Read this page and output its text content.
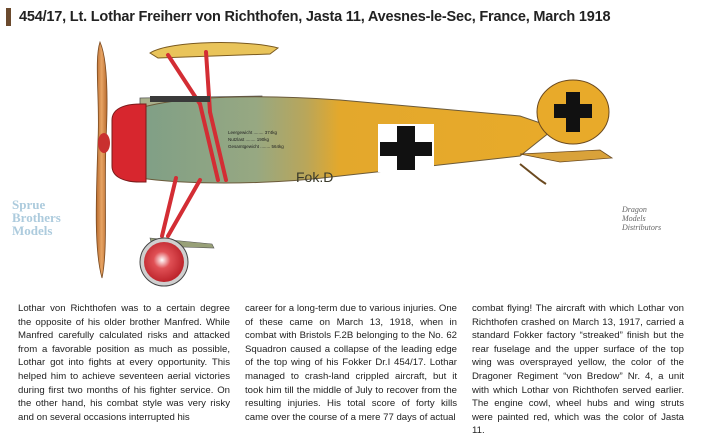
454/17, Lt. Lothar Freiherr von Richthofen, Jasta 11, Avesnes-le-Sec, France, March 1918
Leergewicht ........ 374kg
Nutzlast ........ 190kg
Gesamtgewicht ........ 564kg
Fok.D
Sprue
Brothers
Models
Dragon
Models
Distributors
Lothar von Richthofen was to a certain degree the opposite of his older brother Manfred. While Manfred carefully calculated risks and attacked from a favorable position as much as possible, Lothar got into fights at every opportunity. This helped him to achieve seventeen aerial victories during first two months of his fighter service. On the other hand, his combat style was very risky and on several occasions interrupted his
career for a long-term due to various injuries. One of these came on March 13, 1918, when in combat with Bristols F.2B belonging to the No. 62 Squadron caused a collapse of the leading edge of the top wing of his Fokker Dr.I 454/17. Lothar managed to crash-land crippled aircraft, but it took him till the middle of July to recover from the resulting injuries. His total score of forty kills came over the course of a mere 77 days of actual
combat flying! The aircraft with which Lothar von Richthofen crashed on March 13, 1917, carried a standard Fokker factory “streaked” finish but the rear fuselage and the upper surface of the top wing was oversprayed yellow, the color of the Dragoner Regiment “von Bredow” Nr. 4, a unit with which Lothar von Richthofen served earlier. The engine cowl, wheel hubs and wing struts were painted red, which was the color of Jasta 11.
